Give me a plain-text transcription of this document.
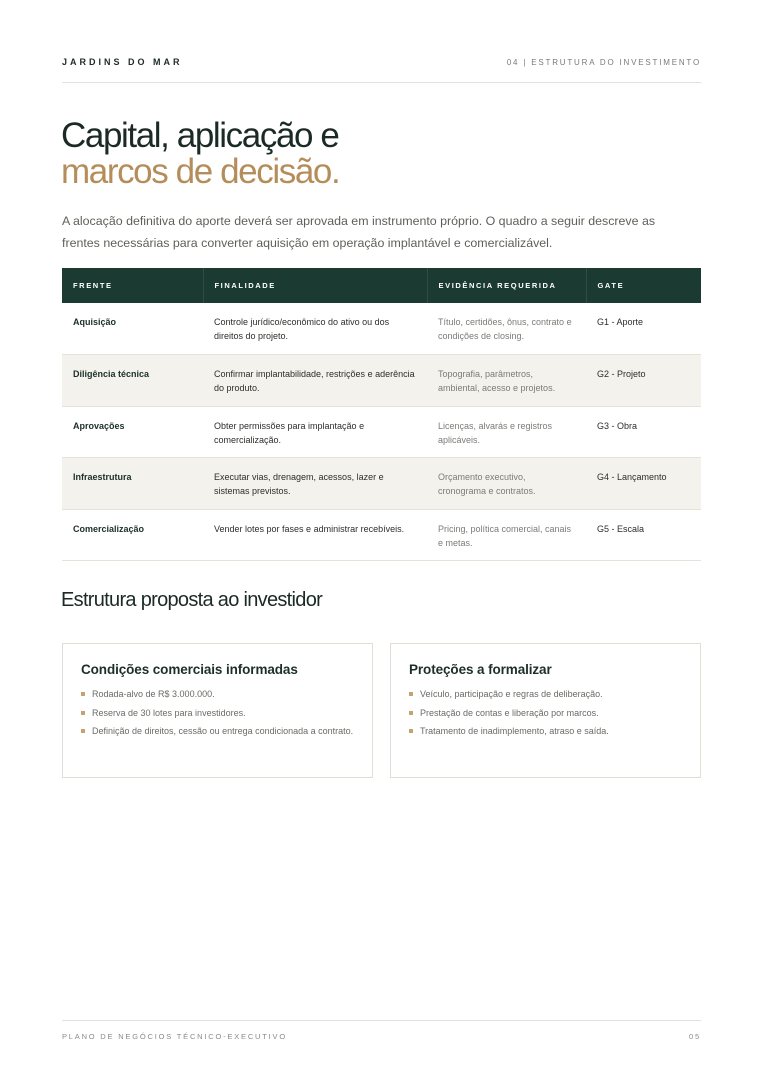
JARDINS DO MAR	04 | ESTRUTURA DO INVESTIMENTO
Capital, aplicação e
marcos de decisão.

A alocação definitiva do aporte deverá ser aprovada em instrumento próprio. O quadro a seguir descreve as frentes necessárias para converter aquisição em operação implantável e comercializável.

FRENTE	FINALIDADE	EVIDÊNCIA REQUERIDA	GATE
Aquisição	Controle jurídico/econômico do ativo ou dos direitos do projeto.	Título, certidões, ônus, contrato e condições de closing.	G1 - Aporte
Diligência técnica	Confirmar implantabilidade, restrições e aderência do produto.	Topografia, parâmetros, ambiental, acesso e projetos.	G2 - Projeto
Aprovações	Obter permissões para implantação e comercialização.	Licenças, alvarás e registros aplicáveis.	G3 - Obra
Infraestrutura	Executar vias, drenagem, acessos, lazer e sistemas previstos.	Orçamento executivo, cronograma e contratos.	G4 - Lançamento
Comercialização	Vender lotes por fases e administrar recebíveis.	Pricing, política comercial, canais e metas.	G5 - Escala
Estrutura proposta ao investidor
Condições comerciais informadas
Rodada-alvo de R$ 3.000.000.
Reserva de 30 lotes para investidores.
Definição de direitos, cessão ou entrega condicionada a contrato.
Proteções a formalizar
Veículo, participação e regras de deliberação.
Prestação de contas e liberação por marcos.
Tratamento de inadimplemento, atraso e saída.
PLANO DE NEGÓCIOS TÉCNICO-EXECUTIVO	05
